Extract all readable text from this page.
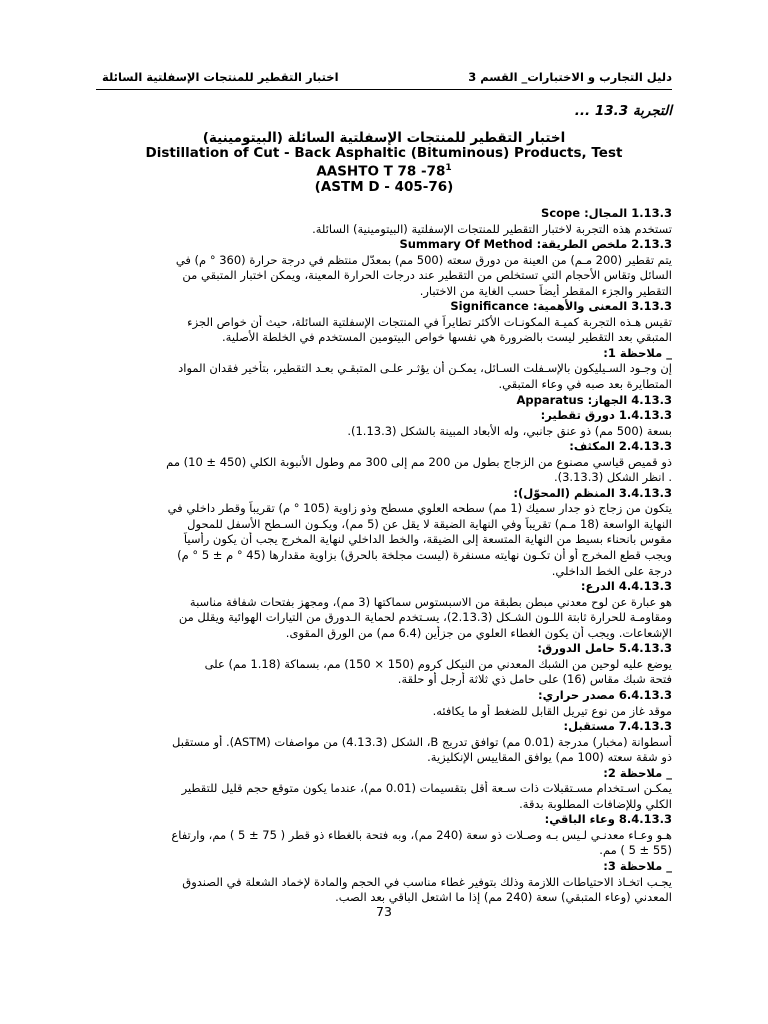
دليل التجارب و الاختبارات_ القسم 3
اختبار التقطير للمنتجات الإسفلتية السائلة
التجربة 13.3 ...
اختبار التقطير للمنتجات الإسفلتية السائلة (البيتومينية)
Distillation of Cut - Back Asphaltic (Bituminous) Products, Test
AASHTO T 78 $-78^1$
(ASTM D - 405-76)
1.13.3 المجال: Scope
تستخدم هذه التجربة لاختبار التقطير للمنتجات الإسفلتية (البيتومينية) السائلة.
2.13.3 ملخص الطريقة: Summary Of Method
يتم تقطير (200 مـم) من العينة من دورق سعته (500 مم) بمعدّل منتظم في درجة حرارة (360 ° م) في
السائل وتقاس الأحجام التي تستخلص من التقطير عند درجات الحرارة المعينة، ويمكن اختبار المتبقي من
التقطير والجزء المقطر أيضاً حسب الغاية من الاختبار.
3.13.3 المعنى والأهمية: Significance
تقيس هـذه التجربة كميـة المكونـات الأكثر تطايراً في المنتجات الإسفلتية السائلة، حيث أن خواص الجزء
المتبقي بعد التقطير ليست بالضرورة هي نفسها خواص البيتومين المستخدم في الخلطة الأصلية.
_ ملاحظة 1:
إن وجـود السـيليكون بالإسـفلت السـائل، يمكـن أن يؤثـر علـى المتبقـي بعـد التقطير، بتأخير فقدان المواد
المتطايرة بعد صبه في وعاء المتبقي.
4.13.3 الجهاز: Apparatus
1.4.13.3 دورق تقطير:
بسعة (500 مم) ذو عنق جانبي، وله الأبعاد المبينة بالشكل (1.13.3).
2.4.13.3 المكثف:
ذو قميص قياسي مصنوع من الزجاج بطول من 200 مم إلى 300 مم وطول الأنبوبة الكلي (450 ± 10) مم
. انظر الشكل (3.13.3).
3.4.13.3 المنظم (المحوّل):
يتكون من زجاج ذو جدار سميك (1 مم) سطحه العلوي مسطح وذو زاوية (105 ° م) تقريباً وقطر داخلي في
النهاية الواسعة (18 مـم) تقريباً وفي النهاية الضيقة لا يقل عن (5 مم)، ويكـون السـطح الأسفل للمحول
مقوس بانحناء بسيط من النهاية المتسعة إلى الضيقة، والخط الداخلي لنهاية المخرج يجب أن يكون رأسياً
ويجب قطع المخرج أو أن تكـون نهايته مسنفرة (ليست مجلخة بالحرق) بزاوية مقدارها (45 ° م ± 5 ° م)
درجة على الخط الداخلي.
4.4.13.3 الدرع:
هو عبارة عن لوح معدني مبطن بطبقة من الاسبستوس سماكتها (3 مم)، ومجهز بفتحات شفافة مناسبة
ومقاومـة للحرارة ثابتة اللـون الشـكل (2.13.3)، يسـتخدم لحماية الـدورق من التيارات الهوائية ويقلل من
الإشعاعات. ويجب أن يكون الغطاء العلوي من جزأين (6.4 مم) من الورق المقوى.
5.4.13.3 حامل الدورق:
يوضع عليه لوحين من الشبك المعدني من النيكل كروم (150 × 150) مم، بسماكة (1.18 مم) على
فتحة شبك مقاس (16) على حامل ذي ثلاثة أرجل أو حلقة.
6.4.13.3 مصدر حراري:
موقد غاز من نوع تيريل القابل للضغط أو ما يكافئه.
7.4.13.3 مستقبل:
أسطوانة (مخبار) مدرجة (0.01 مم) توافق تدريج B، الشكل (4.13.3) من مواصفات (ASTM). أو مستقبل
ذو شقة سعته (100 مم) يوافق المقاييس الإنكليزية.
_ ملاحظة 2:
يمكـن اسـتخدام مسـتقبلات ذات سـعة أقل بتقسيمات (0.01 مم)، عندما يكون متوقع حجم قليل للتقطير
الكلي وللإضافات المطلوبة بدقة.
8.4.13.3 وعاء الباقي:
هـو وعـاء معدنـي لـيس بـه وصـلات ذو سعة (240 مم)، وبه فتحة بالغطاء ذو قطر ( 75 ± 5 ) مم، وارتفاع
(55 ± 5 ) مم.
_ ملاحظة 3:
يجـب اتخـاذ الاحتياطات اللازمة وذلك بتوفير غطاء مناسب في الحجم والمادة لإخماد الشعلة في الصندوق
المعدني (وعاء المتبقي) سعة (240 مم) إذا ما اشتعل الباقي بعد الصب.
73
